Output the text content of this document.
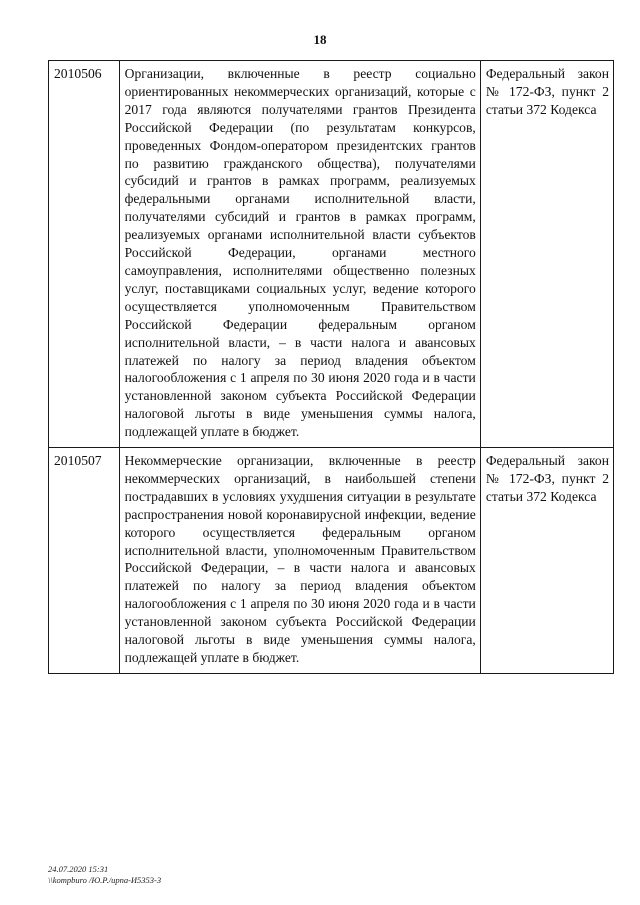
18
2010506	Организации, включенные в реестр социально ориентированных некоммерческих организаций, которые с 2017 года являются получателями грантов Президента Российской Федерации (по результатам конкурсов, проведенных Фондом-оператором президентских грантов по развитию гражданского общества), получателями субсидий и грантов в рамках программ, реализуемых федеральными органами исполнительной власти, получателями субсидий и грантов в рамках программ, реализуемых органами исполнительной власти субъектов Российской Федерации, органами местного самоуправления, исполнителями общественно полезных услуг, поставщиками социальных услуг, ведение которого осуществляется уполномоченным Правительством Российской Федерации федеральным органом исполнительной власти, – в части налога и авансовых платежей по налогу за период владения объектом налогообложения с 1 апреля по 30 июня 2020 года и в части установленной законом субъекта Российской Федерации налоговой льготы в виде уменьшения суммы налога, подлежащей уплате в бюджет.	Федеральный закон № 172-ФЗ, пункт 2 статьи 372 Кодекса
2010507	Некоммерческие организации, включенные в реестр некоммерческих организаций, в наибольшей степени пострадавших в условиях ухудшения ситуации в результате распространения новой коронавирусной инфекции, ведение которого осуществляется федеральным органом исполнительной власти, уполномоченным Правительством Российской Федерации, – в части налога и авансовых платежей по налогу за период владения объектом налогообложения с 1 апреля по 30 июня 2020 года и в части установленной законом субъекта Российской Федерации налоговой льготы в виде уменьшения суммы налога, подлежащей уплате в бюджет.	Федеральный закон № 172-ФЗ, пункт 2 статьи 372 Кодекса
24.07.2020 15:31
\\kompburo /Ю.Р./ирпа-И5353-3
